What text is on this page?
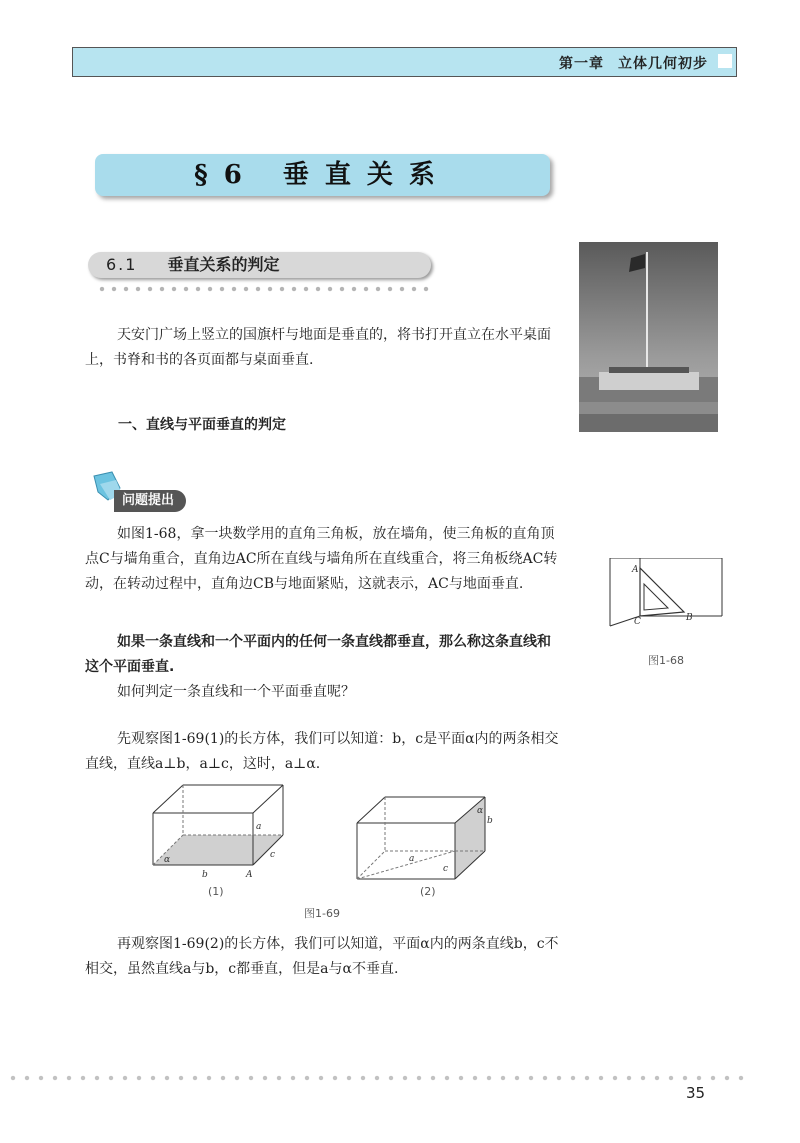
第一章 立体几何初步
§6 垂直关系
6.1 垂直关系的判定
天安门广场上竖立的国旗杆与地面是垂直的，将书打开直立在水平桌面上，书脊和书的各页面都与桌面垂直.
一、直线与平面垂直的判定
问题提出
如图1-68，拿一块数学用的直角三角板，放在墙角，使三角板的直角顶点C与墙角重合，直角边AC所在直线与墙角所在直线重合，将三角板绕AC转动，在转动过程中，直角边CB与地面紧贴，这就表示，AC与地面垂直.
如果一条直线和一个平面内的任何一条直线都垂直，那么称这条直线和这个平面垂直.
如何判定一条直线和一个平面垂直呢？
A
C	B
图1-68
先观察图1-69(1)的长方体，我们可以知道：b，c是平面α内的两条相交直线，直线a⊥b，a⊥c，这时，a⊥α.
a
c
b	A
α
(1)
a
α
b
c
(2)
图1-69
再观察图1-69(2)的长方体，我们可以知道，平面α内的两条直线b，c不相交，虽然直线a与b，c都垂直，但是a与α不垂直.
35
